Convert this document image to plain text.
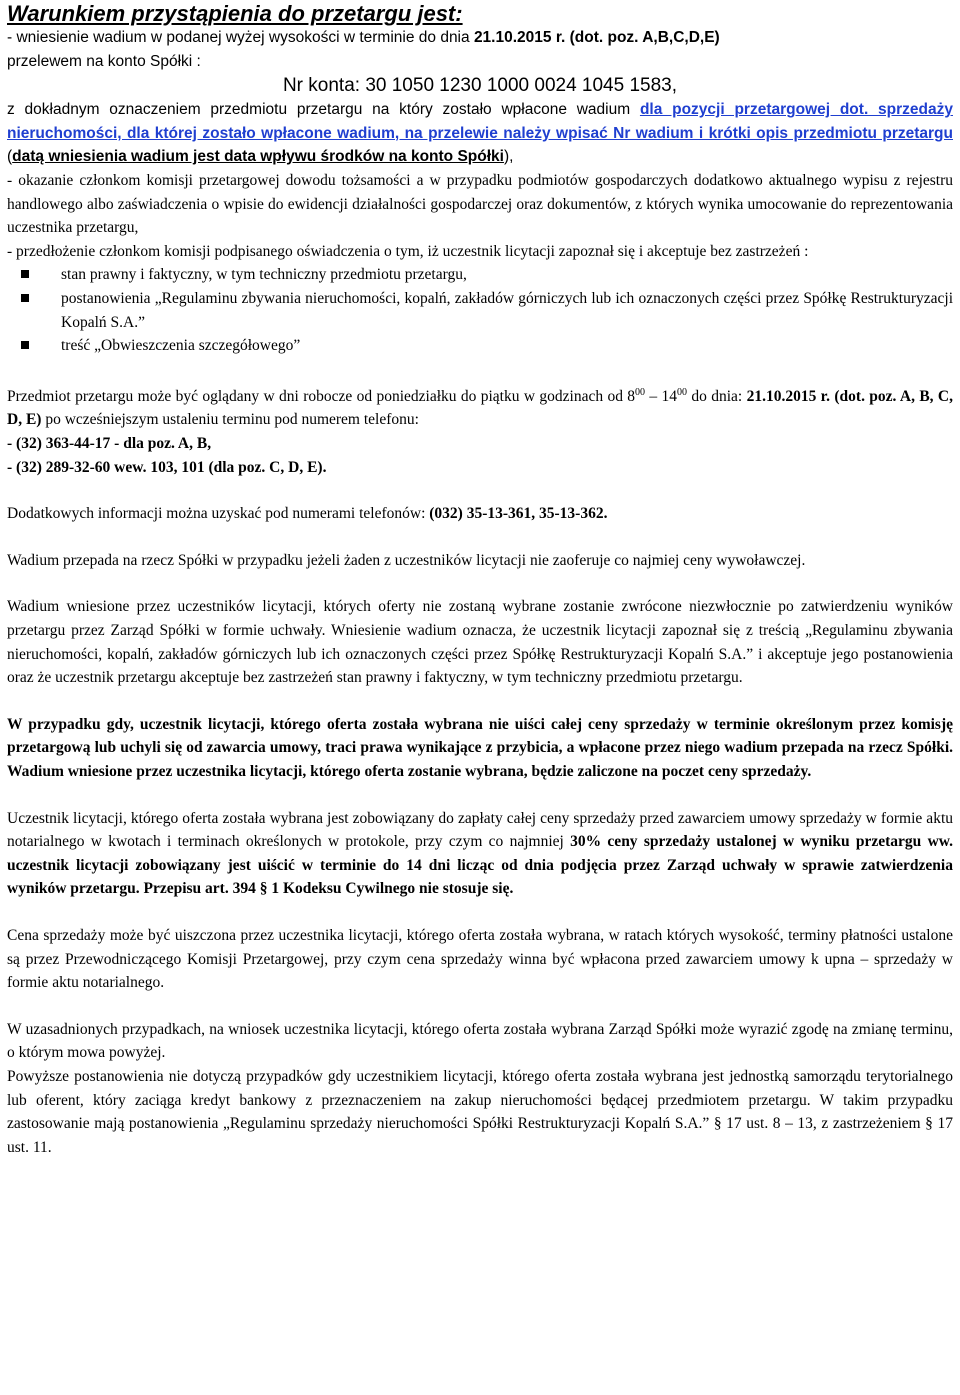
Warunkiem przystąpienia do przetargu jest:

- wniesienie wadium w podanej wyżej wysokości w terminie do dnia 21.10.2015 r. (dot. poz. A,B,C,D,E)
przelewem na konto Spółki :

Nr konta: 30 1050 1230 1000 0024 1045 1583,

z dokładnym oznaczeniem przedmiotu przetargu na który zostało wpłacone wadium dla pozycji przetargowej dot. sprzedaży nieruchomości, dla której zostało wpłacone wadium, na przelewie należy wpisać Nr wadium i krótki opis przedmiotu przetargu (datą wniesienia wadium jest data wpływu środków na konto Spółki),

- okazanie członkom komisji przetargowej dowodu tożsamości a w przypadku podmiotów gospodarczych dodatkowo aktualnego wypisu z rejestru handlowego albo zaświadczenia o wpisie do ewidencji działalności gospodarczej oraz dokumentów, z których wynika umocowanie do reprezentowania uczestnika przetargu,

- przedłożenie członkom komisji podpisanego oświadczenia o tym, iż uczestnik licytacji zapoznał się i akceptuje bez zastrzeżeń :

stan prawny i faktyczny, w tym techniczny przedmiotu przetargu,
postanowienia „Regulaminu zbywania nieruchomości, kopalń, zakładów górniczych lub ich oznaczonych części przez Spółkę Restrukturyzacji Kopalń S.A.”
treść „Obwieszczenia szczegółowego”

Przedmiot przetargu może być oglądany w dni robocze od poniedziałku do piątku w godzinach od $8^{00} - 14^{00}$ do dnia: 21.10.2015 r. (dot. poz. A, B, C, D, E) po wcześniejszym ustaleniu terminu pod numerem telefonu:

- (32) 363-44-17 - dla poz. A, B,

- (32) 289-32-60 wew. 103, 101 (dla poz. C, D, E).

Dodatkowych informacji można uzyskać pod numerami telefonów: (032) 35-13-361, 35-13-362.

Wadium przepada na rzecz Spółki w przypadku jeżeli żaden z uczestników licytacji nie zaoferuje co najmiej ceny wywoławczej.

Wadium wniesione przez uczestników licytacji, których oferty nie zostaną wybrane zostanie zwrócone niezwłocznie po zatwierdzeniu wyników przetargu przez Zarząd Spółki w formie uchwały. Wniesienie wadium oznacza, że uczestnik licytacji zapoznał się z treścią „Regulaminu zbywania nieruchomości, kopalń, zakładów górniczych lub ich oznaczonych części przez Spółkę Restrukturyzacji Kopalń S.A.” i akceptuje jego postanowienia oraz że uczestnik przetargu akceptuje bez zastrzeżeń stan prawny i faktyczny, w tym techniczny przedmiotu przetargu.

W przypadku gdy, uczestnik licytacji, którego oferta została wybrana nie uiści całej ceny sprzedaży w terminie określonym przez komisję przetargową lub uchyli się od zawarcia umowy, traci prawa wynikające z przybicia, a wpłacone przez niego wadium przepada na rzecz Spółki. Wadium wniesione przez uczestnika licytacji, którego oferta zostanie wybrana, będzie zaliczone na poczet ceny sprzedaży.

Uczestnik licytacji, którego oferta została wybrana jest zobowiązany do zapłaty całej ceny sprzedaży przed zawarciem umowy sprzedaży w formie aktu notarialnego w kwotach i terminach określonych w protokole, przy czym co najmniej 30% ceny sprzedaży ustalonej w wyniku przetargu ww. uczestnik licytacji zobowiązany jest uiścić w terminie do 14 dni licząc od dnia podjęcia przez Zarząd uchwały w sprawie zatwierdzenia wyników przetargu. Przepisu art. 394 § 1 Kodeksu Cywilnego nie stosuje się.

Cena sprzedaży może być uiszczona przez uczestnika licytacji, którego oferta została wybrana, w ratach których wysokość, terminy płatności ustalone są przez Przewodniczącego Komisji Przetargowej, przy czym cena sprzedaży winna być wpłacona przed zawarciem umowy k upna – sprzedaży w formie aktu notarialnego.

W uzasadnionych przypadkach, na wniosek uczestnika licytacji, którego oferta została wybrana Zarząd Spółki może wyrazić zgodę na zmianę terminu, o którym mowa powyżej.

Powyższe postanowienia nie dotyczą przypadków gdy uczestnikiem licytacji, którego oferta została wybrana jest jednostką samorządu terytorialnego lub oferent, który zaciąga kredyt bankowy z przeznaczeniem na zakup nieruchomości będącej przedmiotem przetargu. W takim przypadku zastosowanie mają postanowienia „Regulaminu sprzedaży nieruchomości Spółki Restrukturyzacji Kopalń S.A.” § 17 ust. 8 – 13, z zastrzeżeniem § 17 ust. 11.
